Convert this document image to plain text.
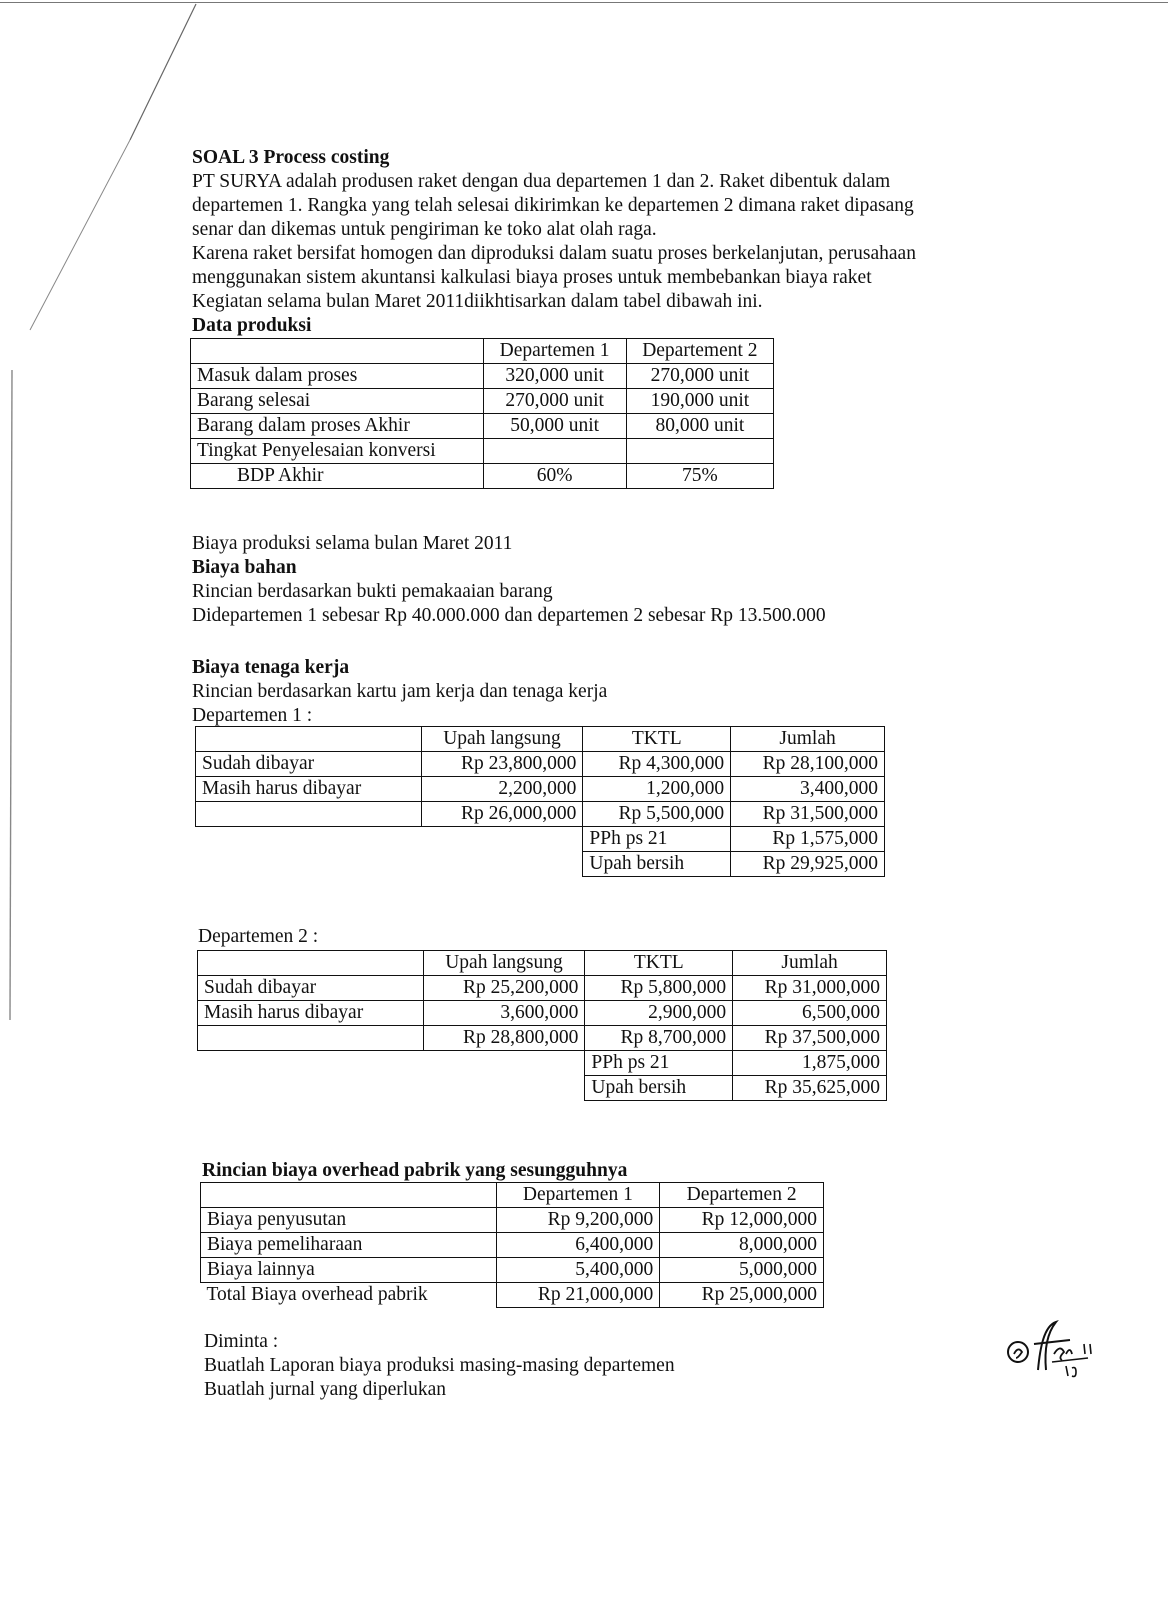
SOAL 3 Process costing

PT SURYA adalah produsen raket dengan dua departemen 1 dan 2. Raket dibentuk dalam

departemen 1. Rangka yang telah selesai dikirimkan ke departemen 2 dimana raket dipasang

senar dan dikemas untuk pengiriman ke toko alat olah raga.

Karena raket bersifat homogen dan diproduksi dalam suatu proses berkelanjutan, perusahaan

menggunakan sistem akuntansi kalkulasi biaya proses untuk membebankan biaya raket

Kegiatan selama bulan Maret 2011diikhtisarkan dalam tabel dibawah ini.

Data produksi

	Departemen 1	Departement 2
Masuk dalam proses	320,000 unit	270,000 unit
Barang selesai	270,000 unit	190,000 unit
Barang dalam proses Akhir	50,000 unit	80,000 unit
Tingkat Penyelesaian konversi		
BDP Akhir	60%	75%

Biaya produksi selama bulan Maret 2011

Biaya bahan

Rincian berdasarkan bukti pemakaaian barang

Didepartemen 1 sebesar Rp 40.000.000 dan departemen 2 sebesar Rp 13.500.000

Biaya tenaga kerja

Rincian berdasarkan kartu jam kerja dan tenaga kerja

Departemen 1 :

	Upah langsung	TKTL	Jumlah
Sudah dibayar	Rp 23,800,000	Rp 4,300,000	Rp 28,100,000
Masih harus dibayar	2,200,000	1,200,000	3,400,000
	Rp 26,000,000	Rp 5,500,000	Rp 31,500,000
		PPh ps 21	Rp 1,575,000
		Upah bersih	Rp 29,925,000
Departemen 2 :
	Upah langsung	TKTL	Jumlah
Sudah dibayar	Rp 25,200,000	Rp 5,800,000	Rp 31,000,000
Masih harus dibayar	3,600,000	2,900,000	6,500,000
	Rp 28,800,000	Rp 8,700,000	Rp 37,500,000
		PPh ps 21	1,875,000
		Upah bersih	Rp 35,625,000
Rincian biaya overhead pabrik yang sesungguhnya
	Departemen 1	Departemen 2
Biaya penyusutan	Rp 9,200,000	Rp 12,000,000
Biaya pemeliharaan	6,400,000	8,000,000
Biaya lainnya	5,400,000	5,000,000
Total Biaya overhead pabrik	Rp 21,000,000	Rp 25,000,000

Diminta :

Buatlah Laporan biaya produksi masing-masing departemen

Buatlah jurnal yang diperlukan
